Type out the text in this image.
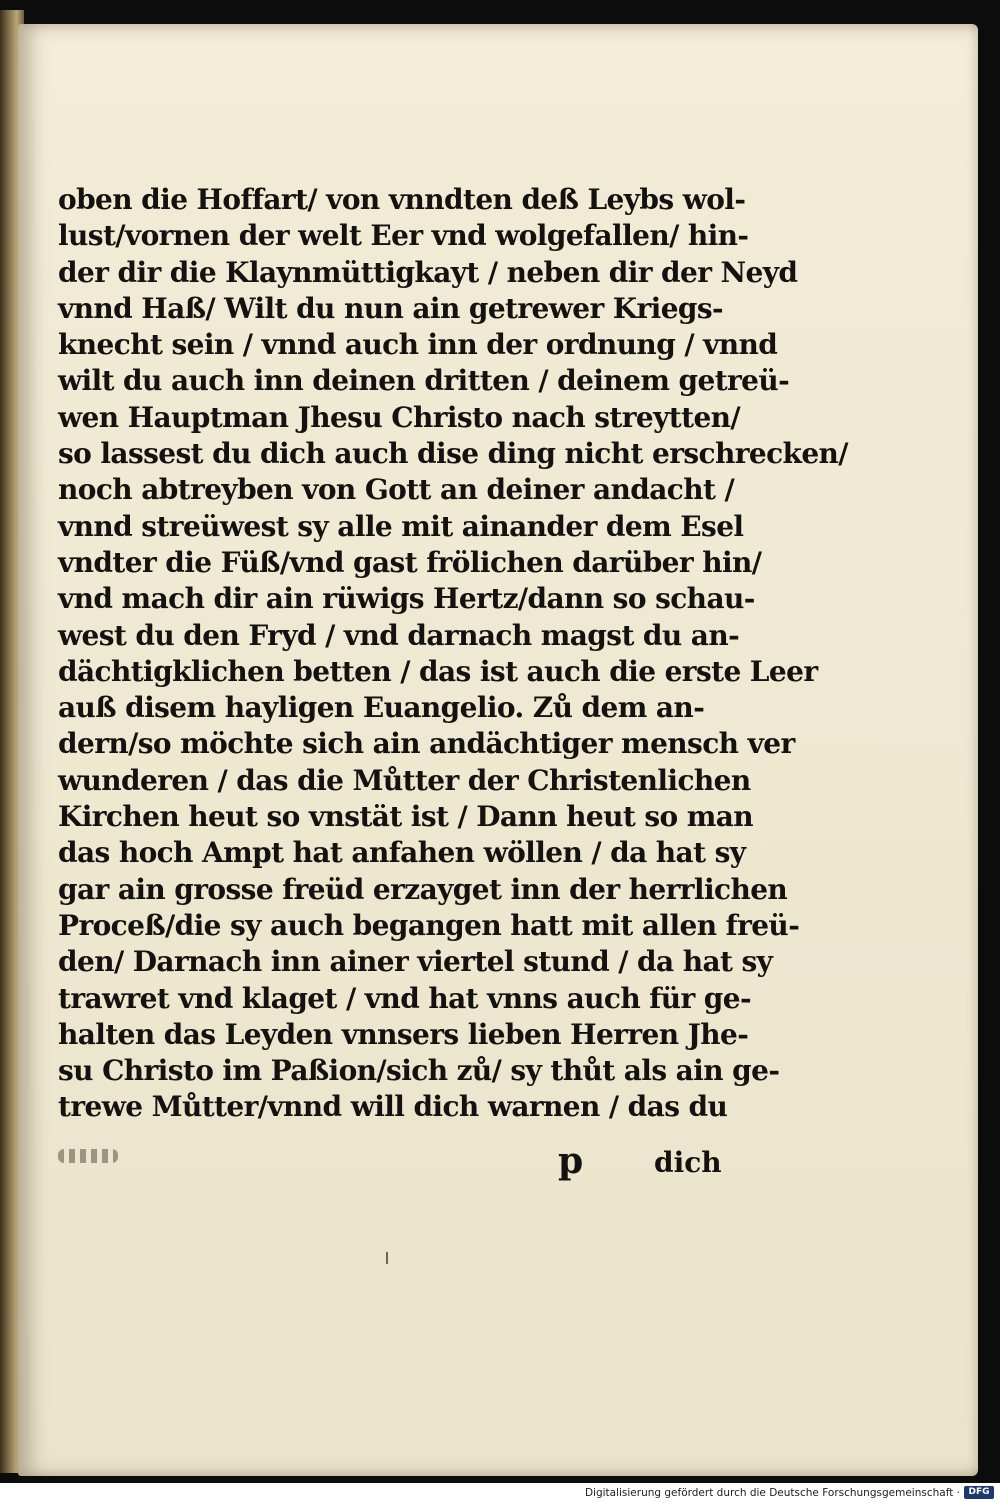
oben die Hoffart/ von vnndten deß Leybs wol-
lust/vornen der welt Eer vnd wolgefallen/ hin-
der dir die Klaynmüttigkayt / neben dir der Neyd
vnnd Haß/ Wilt du nun ain getrewer Kriegs-
knecht sein / vnnd auch inn der ordnung / vnnd
wilt du auch inn deinen dritten / deinem getreü-
wen Hauptman Jhesu Christo nach streytten/
so lassest du dich auch dise ding nicht erschrecken/
noch abtreyben von Gott an deiner andacht /
vnnd streüwest sy alle mit ainander dem Esel
vndter die Füß/vnd gast frölichen darüber hin/
vnd mach dir ain rüwigs Hertz/dann so schau-
west du den Fryd / vnd darnach magst du an-
dächtigklichen betten / das ist auch die erste Leer
auß disem hayligen Euangelio. Zů dem an-
dern/so möchte sich ain andächtiger mensch ver
wunderen / das die Můtter der Christenlichen
Kirchen heut so vnstät ist / Dann heut so man
das hoch Ampt hat anfahen wöllen / da hat sy
gar ain grosse freüd erzayget inn der herrlichen
Proceß/die sy auch begangen hatt mit allen freü-
den/ Darnach inn ainer viertel stund / da hat sy
trawret vnd klaget / vnd hat vnns auch für ge-
halten das Leyden vnnsers lieben Herren Jhe-
su Christo im Paßion/sich zů/ sy thůt als ain ge-
trewe Můtter/vnnd will dich warnen / das du
p	dich
Digitalisierung gefördert durch die Deutsche Forschungsgemeinschaft · DFG
